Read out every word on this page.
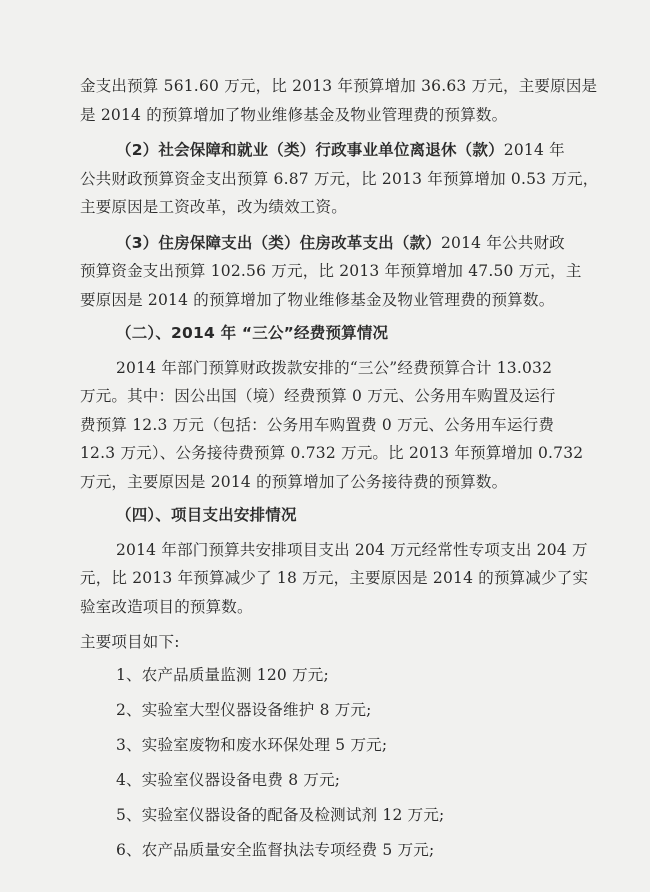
金支出预算 561.60 万元，比 2013 年预算增加 36.63 万元，主要原因是
是 2014 的预算增加了物业维修基金及物业管理费的预算数。
（2）社会保障和就业（类）行政事业单位离退休（款）2014 年
公共财政预算资金支出预算 6.87 万元，比 2013 年预算增加 0.53 万元，
主要原因是工资改革，改为绩效工资。
（3）住房保障支出（类）住房改革支出（款）2014 年公共财政
预算资金支出预算 102.56 万元，比 2013 年预算增加 47.50 万元，主
要原因是 2014 的预算增加了物业维修基金及物业管理费的预算数。
（二）、2014 年 “三公”经费预算情况
2014 年部门预算财政拨款安排的“三公”经费预算合计 13.032
万元。其中：因公出国（境）经费预算 0 万元、公务用车购置及运行
费预算 12.3 万元（包括：公务用车购置费 0 万元、公务用车运行费
12.3 万元）、公务接待费预算 0.732 万元。比 2013 年预算增加 0.732
万元，主要原因是 2014 的预算增加了公务接待费的预算数。
（四）、项目支出安排情况
2014 年部门预算共安排项目支出 204 万元经常性专项支出 204 万
元，比 2013 年预算减少了 18 万元，主要原因是 2014 的预算减少了实
验室改造项目的预算数。
主要项目如下:
1、农产品质量监测 120 万元;
2、实验室大型仪器设备维护 8 万元;
3、实验室废物和废水环保处理 5 万元;
4、实验室仪器设备电费 8 万元;
5、实验室仪器设备的配备及检测试剂 12 万元;
6、农产品质量安全监督执法专项经费 5 万元;
